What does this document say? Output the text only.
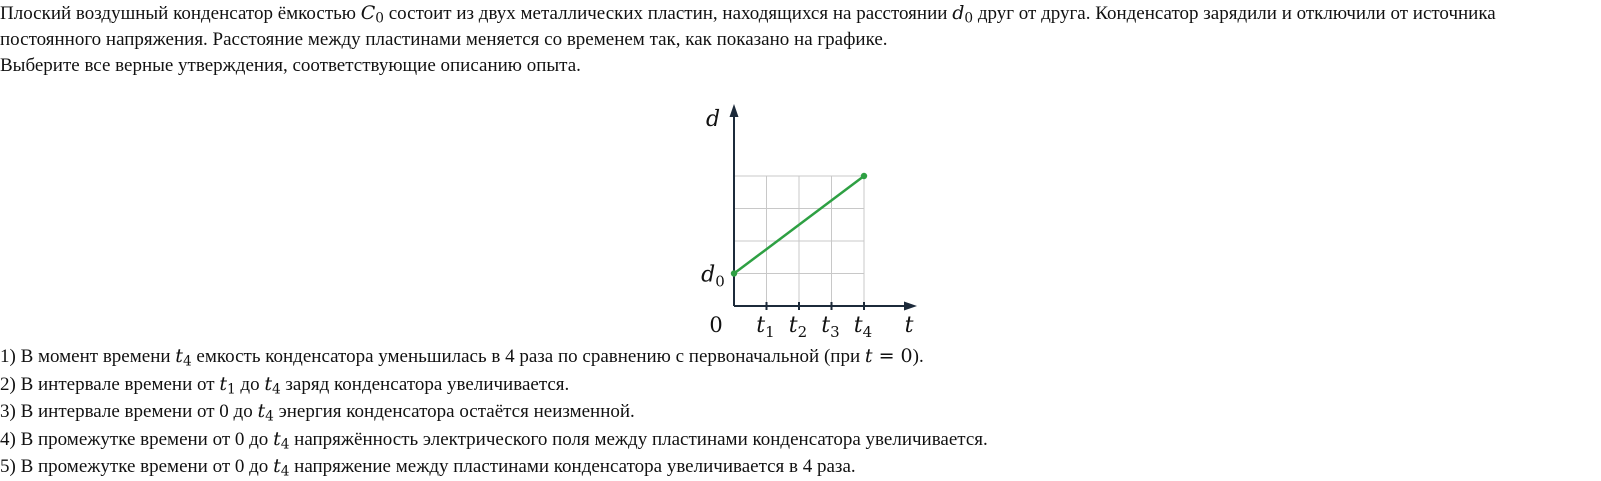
Плоский воздушный конденсатор ёмкостью $C_0$ состоит из двух металлических пластин, находящихся на расстоянии $d_0$ друг от друга. Конденсатор зарядили и отключили от источника постоянного напряжения. Расстояние между пластинами меняется со временем так, как показано на графике.

Выберите все верные утверждения, соответствующие описанию опыта.

d
t
0 $t_1$ $t_2$ $t_3$ $t_4$
$d_0$
1) В момент времени $t_4$ емкость конденсатора уменьшилась в 4 раза по сравнению с первоначальной (при t = 0).
2) В интервале времени от $t_1$ до $t_4$ заряд конденсатора увеличивается.
3) В интервале времени от 0 до $t_4$ энергия конденсатора остаётся неизменной.
4) В промежутке времени от 0 до $t_4$ напряжённость электрического поля между пластинами конденсатора увеличивается.
5) В промежутке времени от 0 до $t_4$ напряжение между пластинами конденсатора увеличивается в 4 раза.
